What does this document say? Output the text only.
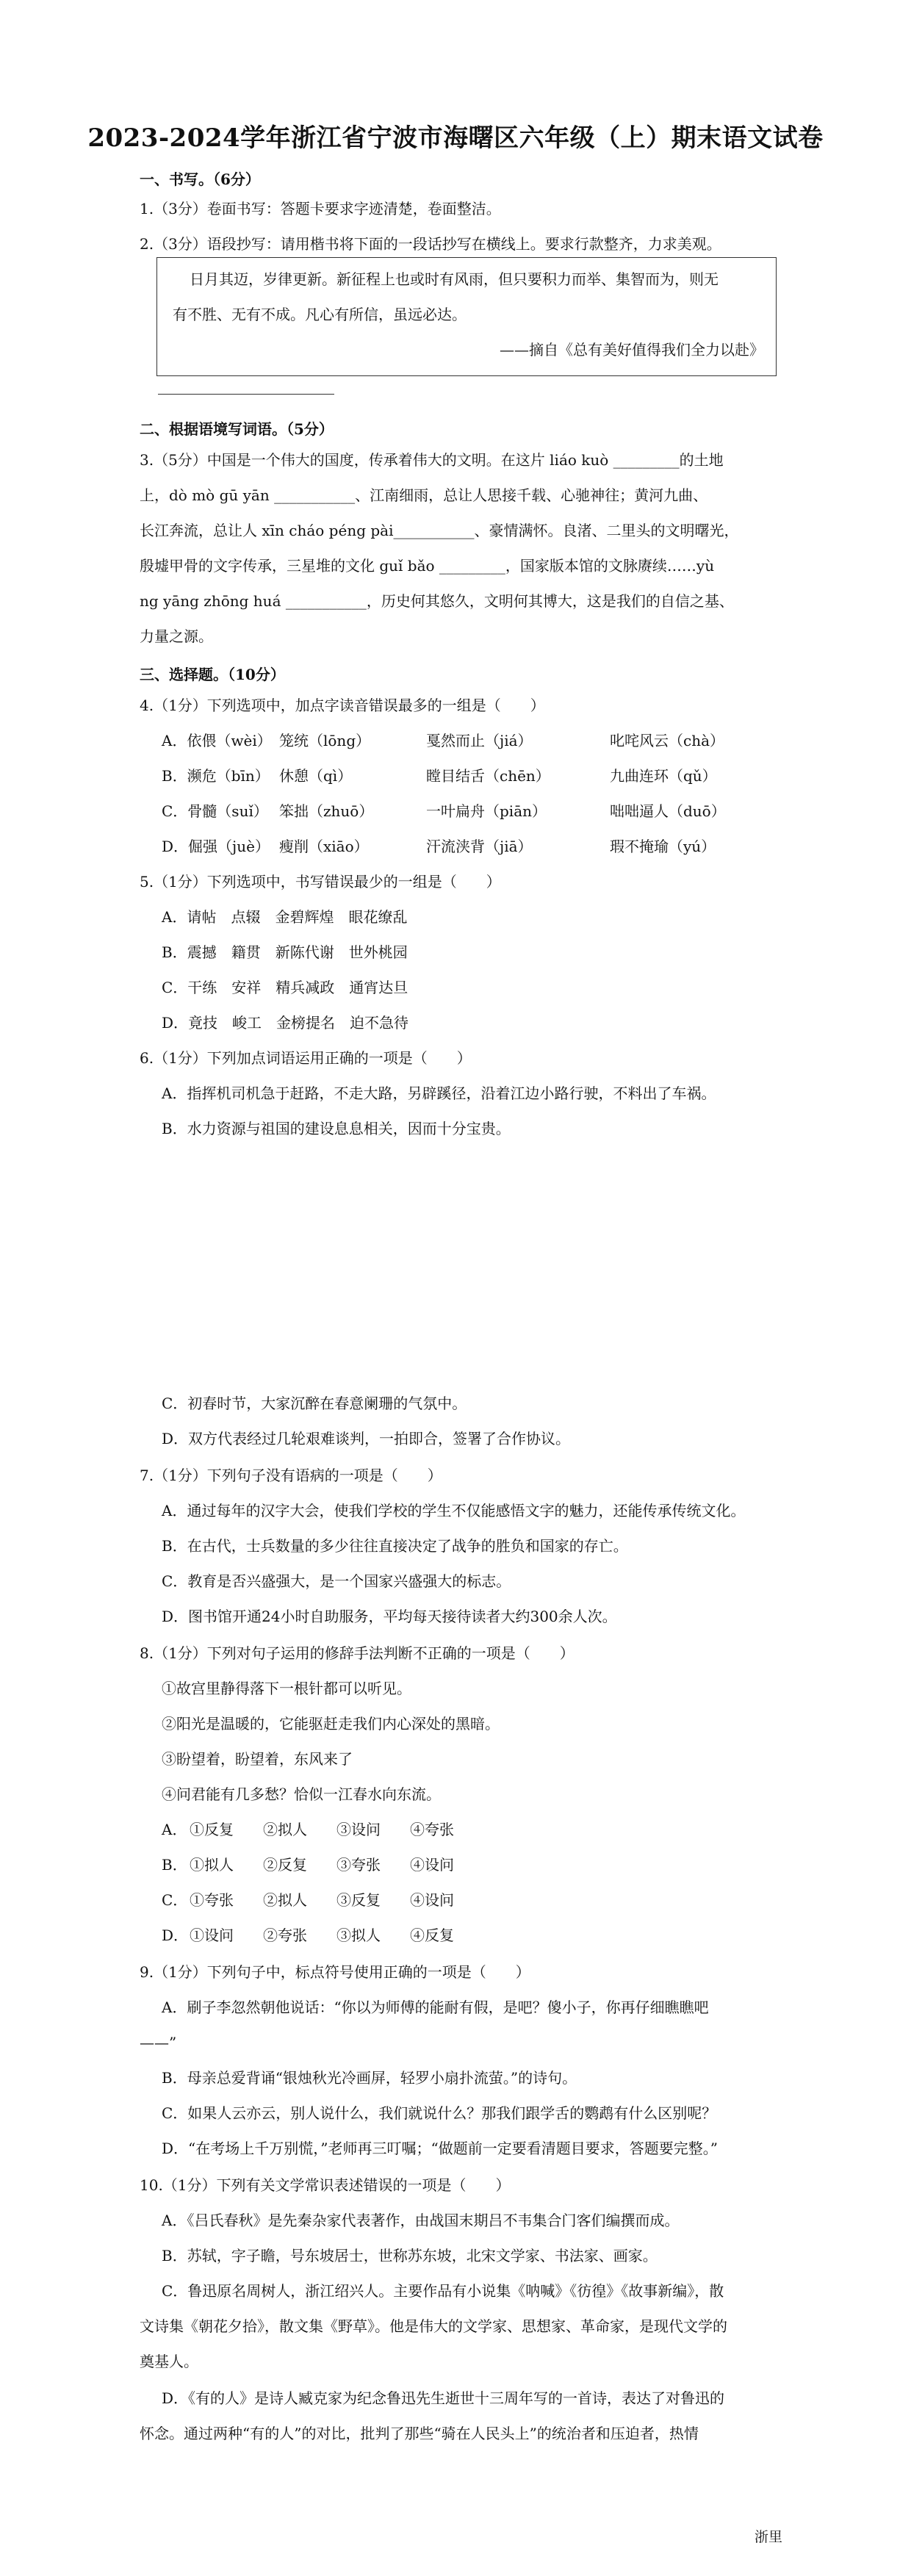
2023-2024学年浙江省宁波市海曙区六年级（上）期末语文试卷
一、书写。（6分）
1.（3分）卷面书写：答题卡要求字迹清楚，卷面整洁。
2.（3分）语段抄写：请用楷书将下面的一段话抄写在横线上。要求行款整齐，力求美观。
日月其迈，岁律更新。新征程上也或时有风雨，但只要积力而举、集智而为，则无
有不胜、无有不成。凡心有所信，虽远必达。
——摘自《总有美好值得我们全力以赴》
二、根据语境写词语。（5分）
3.（5分）中国是一个伟大的国度，传承着伟大的文明。在这片 liáo kuò _________的土地
上，dò mò gū yān ___________、江南细雨，总让人思接千载、心驰神往；黄河九曲、
长江奔流，总让人 xīn cháo péng pài___________、豪情满怀。良渚、二里头的文明曙光，
殷墟甲骨的文字传承，三星堆的文化 guǐ bǎo _________，国家版本馆的文脉赓续……yù
ng yāng zhōng huá ___________，历史何其悠久，文明何其博大，这是我们的自信之基、
力量之源。
三、选择题。（10分）
4.（1分）下列选项中，加点字读音错误最多的一组是（　　）
A．依偎（wèi） 笼统（lōng）	戛然而止（jiá）	叱咤风云（chà）
B．濒危（bīn） 休憩（qì）	瞠目结舌（chēn）	九曲连环（qǔ）
C．骨髓（suǐ） 笨拙（zhuō）	一叶扁舟（piān）	咄咄逼人（duō）
D．倔强（juè） 瘦削（xiāo）	汗流浃背（jiā）	瑕不掩瑜（yú）
5.（1分）下列选项中，书写错误最少的一组是（　　）
A．请帖　点辍　金碧辉煌　眼花缭乱
B．震撼　籍贯　新陈代谢　世外桃园
C．干练　安祥　精兵减政　通宵达旦
D．竟技　峻工　金榜提名　迫不急待
6.（1分）下列加点词语运用正确的一项是（　　）
A．指挥机司机急于赶路，不走大路，另辟蹊径，沿着江边小路行驶，不料出了车祸。
B．水力资源与祖国的建设息息相关，因而十分宝贵。
C．初春时节，大家沉醉在春意阑珊的气氛中。
D．双方代表经过几轮艰难谈判，一拍即合，签署了合作协议。
7.（1分）下列句子没有语病的一项是（　　）
A．通过每年的汉字大会，使我们学校的学生不仅能感悟文字的魅力，还能传承传统文化。
B．在古代，士兵数量的多少往往直接决定了战争的胜负和国家的存亡。
C．教育是否兴盛强大，是一个国家兴盛强大的标志。
D．图书馆开通24小时自助服务，平均每天接待读者大约300余人次。
8.（1分）下列对句子运用的修辞手法判断不正确的一项是（　　）
①故宫里静得落下一根针都可以听见。
②阳光是温暖的，它能驱赶走我们内心深处的黑暗。
③盼望着，盼望着，东风来了
④问君能有几多愁？恰似一江春水向东流。
A． ①反复	②拟人	③设问	④夸张
B． ①拟人	②反复	③夸张	④设问
C． ①夸张	②拟人	③反复	④设问
D． ①设问	②夸张	③拟人	④反复
9.（1分）下列句子中，标点符号使用正确的一项是（　　）
A．刷子李忽然朝他说话：“你以为师傅的能耐有假，是吧？傻小子，你再仔细瞧瞧吧
——”
B．母亲总爱背诵“银烛秋光冷画屏，轻罗小扇扑流萤。”的诗句。
C．如果人云亦云，别人说什么，我们就说什么？那我们跟学舌的鹦鹉有什么区别呢？
D．“在考场上千万别慌，”老师再三叮嘱；“做题前一定要看清题目要求，答题要完整。”
10.（1分）下列有关文学常识表述错误的一项是（　　）
A．《吕氏春秋》是先秦杂家代表著作，由战国末期吕不韦集合门客们编撰而成。
B．苏轼，字子瞻，号东坡居士，世称苏东坡，北宋文学家、书法家、画家。
C．鲁迅原名周树人，浙江绍兴人。主要作品有小说集《呐喊》《彷徨》《故事新编》，散
文诗集《朝花夕拾》，散文集《野草》。他是伟大的文学家、思想家、革命家，是现代文学的
奠基人。
D．《有的人》是诗人臧克家为纪念鲁迅先生逝世十三周年写的一首诗，表达了对鲁迅的
怀念。通过两种“有的人”的对比，批判了那些“骑在人民头上”的统治者和压迫者，热情
浙里
